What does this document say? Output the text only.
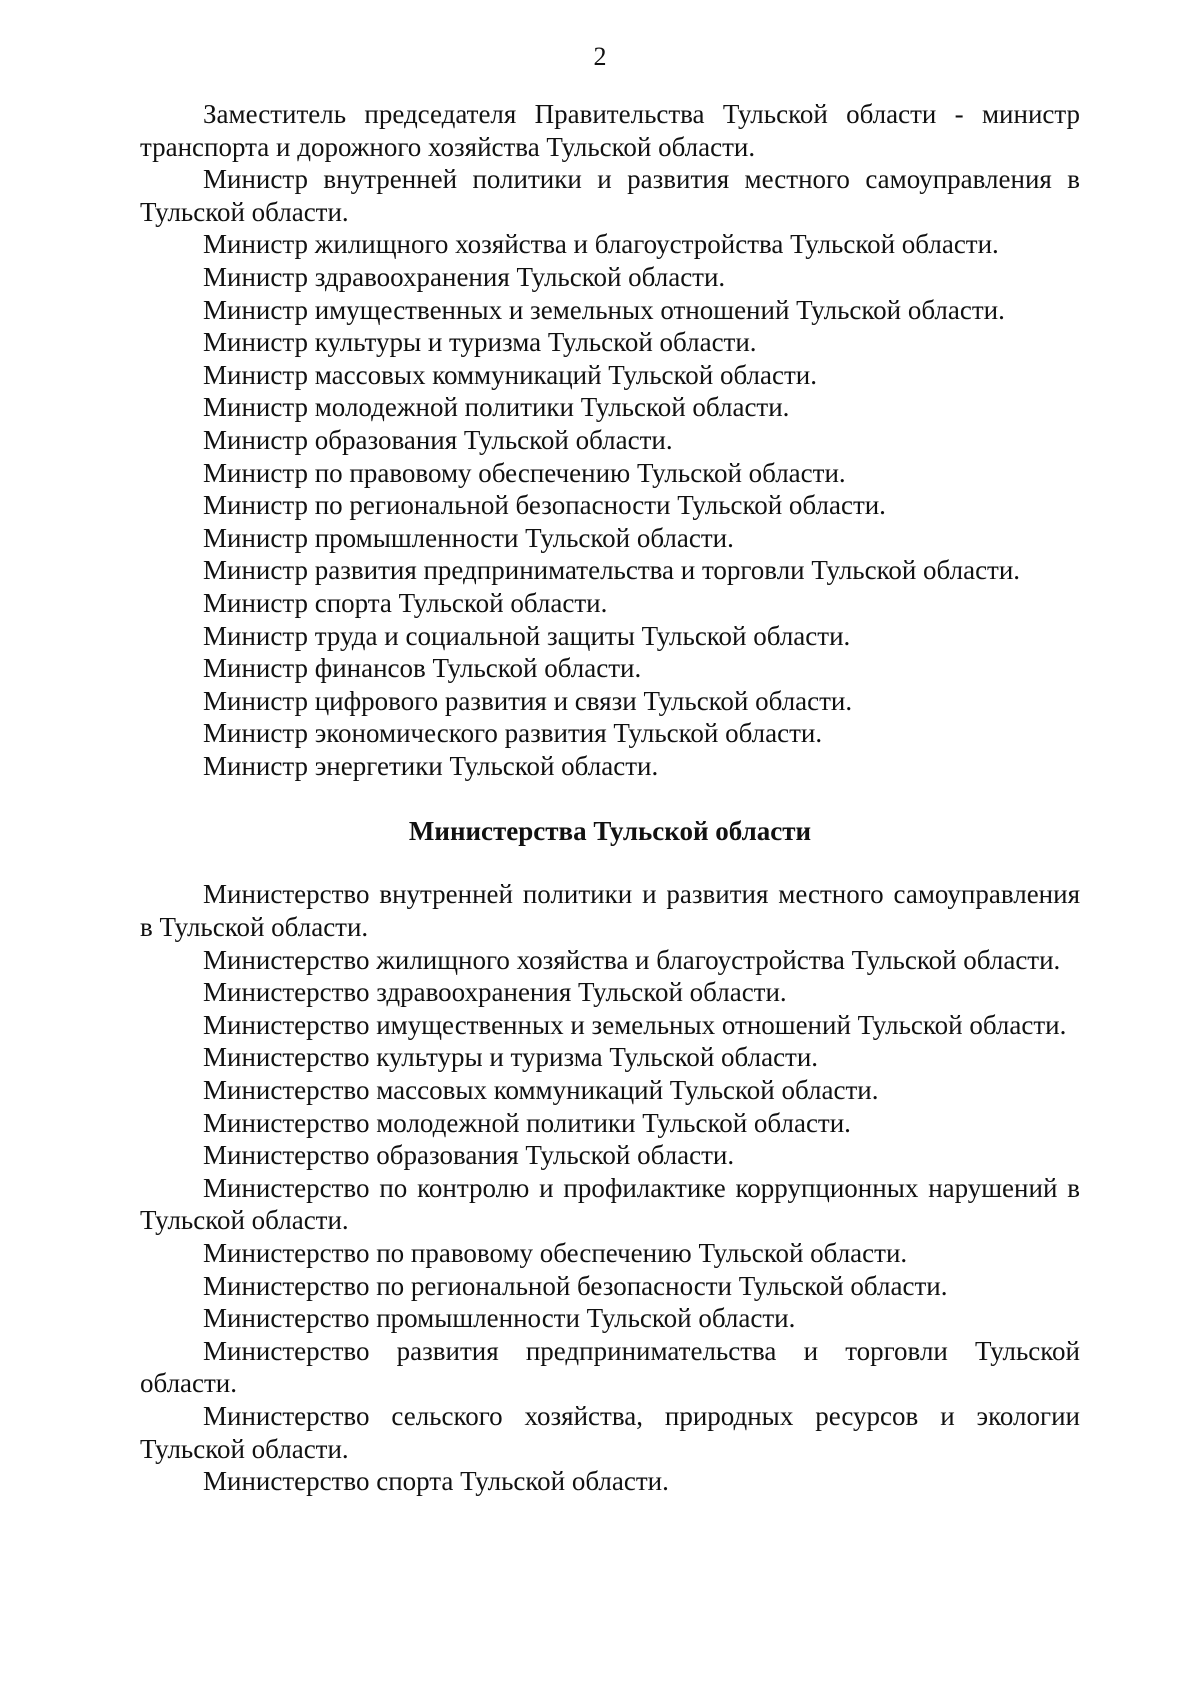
2

Заместитель председателя Правительства Тульской области - министр транспорта и дорожного хозяйства Тульской области.

Министр внутренней политики и развития местного самоуправления в Тульской области.

Министр жилищного хозяйства и благоустройства Тульской области.

Министр здравоохранения Тульской области.

Министр имущественных и земельных отношений Тульской области.

Министр культуры и туризма Тульской области.

Министр массовых коммуникаций Тульской области.

Министр молодежной политики Тульской области.

Министр образования Тульской области.

Министр по правовому обеспечению Тульской области.

Министр по региональной безопасности Тульской области.

Министр промышленности Тульской области.

Министр развития предпринимательства и торговли Тульской области.

Министр спорта Тульской области.

Министр труда и социальной защиты Тульской области.

Министр финансов Тульской области.

Министр цифрового развития и связи Тульской области.

Министр экономического развития Тульской области.

Министр энергетики Тульской области.

Министерства Тульской области

Министерство внутренней политики и развития местного самоуправления в Тульской области.

Министерство жилищного хозяйства и благоустройства Тульской области.

Министерство здравоохранения Тульской области.

Министерство имущественных и земельных отношений Тульской области.

Министерство культуры и туризма Тульской области.

Министерство массовых коммуникаций Тульской области.

Министерство молодежной политики Тульской области.

Министерство образования Тульской области.

Министерство по контролю и профилактике коррупционных нарушений в Тульской области.

Министерство по правовому обеспечению Тульской области.

Министерство по региональной безопасности Тульской области.

Министерство промышленности Тульской области.

Министерство развития предпринимательства и торговли Тульской области.

Министерство сельского хозяйства, природных ресурсов и экологии Тульской области.

Министерство спорта Тульской области.
